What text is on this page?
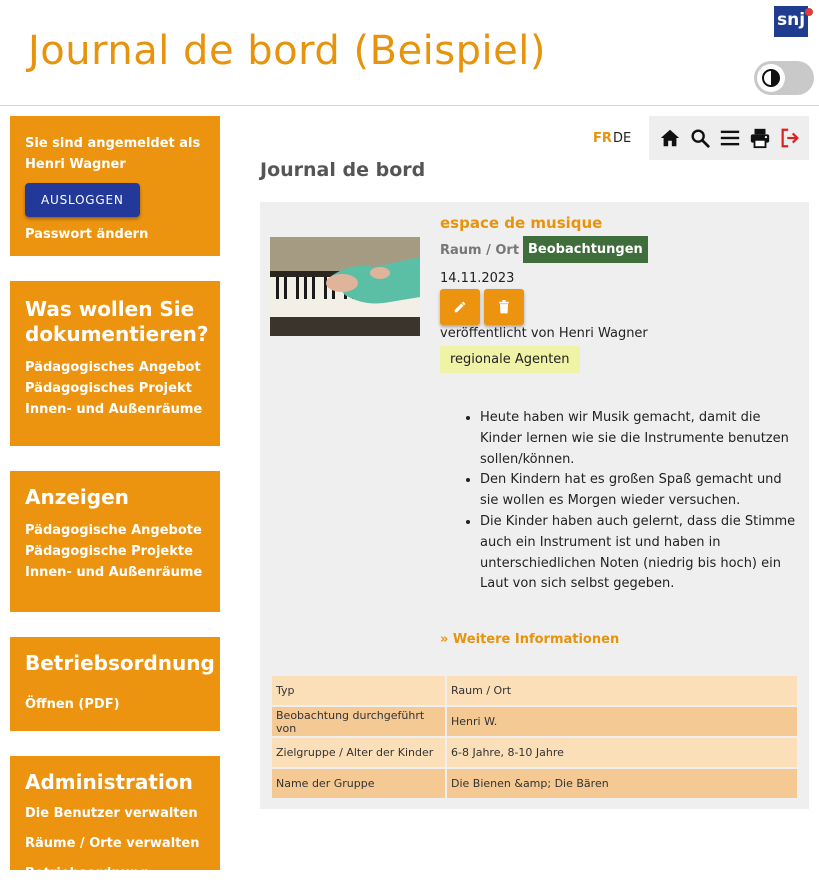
Journal de bord (Beispiel)
snj
Sie sind angemeldet als
Henri Wagner
AUSLOGGEN
Passwort ändern
Was wollen Sie dokumentieren?
Pädagogisches Angebot
Pädagogisches Projekt
Innen- und Außenräume
Anzeigen
Pädagogische Angebote
Pädagogische Projekte
Innen- und Außenräume
Betriebsordnung
Öffnen (PDF)
Administration
Die Benutzer verwalten
Räume / Orte verwalten
Betriebsordnung
FR DE
Journal de bord
espace de musique
Raum / Ort Beobachtungen
14.11.2023
veröffentlicht von Henri Wagner
regionale Agenten
• Heute haben wir Musik gemacht, damit die Kinder lernen wie sie die Instrumente benutzen sollen/können.
• Den Kindern hat es großen Spaß gemacht und sie wollen es Morgen wieder versuchen.
• Die Kinder haben auch gelernt, dass die Stimme auch ein Instrument ist und haben in unterschiedlichen Noten (niedrig bis hoch) ein Laut von sich selbst gegeben.
» Weitere Informationen
Typ	Raum / Ort
Beobachtung durchgeführt von	Henri W.
Zielgruppe / Alter der Kinder	6-8 Jahre, 8-10 Jahre
Name der Gruppe	Die Bienen &amp; Die Bären
